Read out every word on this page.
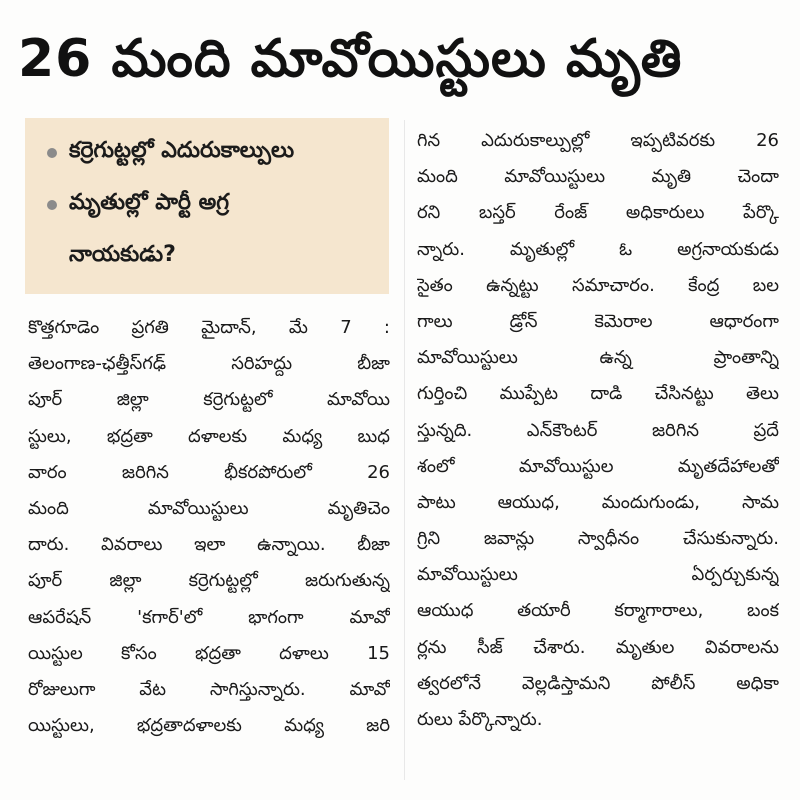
26 మంది మావోయిస్టులు మృతి
కర్రెగుట్టల్లో ఎదురుకాల్పులు
మృతుల్లో పార్టీ అగ్ర
నాయకుడు?
కొత్తగూడెం ప్రగతి మైదాన్, మే 7 :
తెలంగాణ-ఛత్తీస్‌గఢ్ సరిహద్దు బీజా
పూర్ జిల్లా కర్రెగుట్టలో మావోయి
స్టులు, భద్రతా దళాలకు మధ్య బుధ
వారం జరిగిన భీకరపోరులో 26
మంది మావోయిస్టులు మృతిచెం
దారు. వివరాలు ఇలా ఉన్నాయి. బీజా
పూర్ జిల్లా కర్రెగుట్టల్లో జరుగుతున్న
ఆపరేషన్ 'కగార్'లో భాగంగా మావో
యిస్టుల కోసం భద్రతా దళాలు 15
రోజులుగా వేట సాగిస్తున్నారు. మావో
యిస్టులు, భద్రతాదళాలకు మధ్య జరి
గిన ఎదురుకాల్పుల్లో ఇప్పటివరకు 26
మంది మావోయిస్టులు మృతి చెందా
రని బస్తర్ రేంజ్ అధికారులు పేర్కొ
న్నారు. మృతుల్లో ఓ అగ్రనాయకుడు
సైతం ఉన్నట్టు సమాచారం. కేంద్ర బల
గాలు డ్రోన్ కెమెరాల ఆధారంగా
మావోయిస్టులు ఉన్న ప్రాంతాన్ని
గుర్తించి ముప్పేట దాడి చేసినట్టు తెలు
స్తున్నది. ఎన్‌కౌంటర్ జరిగిన ప్రదే
శంలో మావోయిస్టుల మృతదేహాలతో
పాటు ఆయుధ, మందుగుండు, సామ
గ్రిని జవాన్లు స్వాధీనం చేసుకున్నారు.
మావోయిస్టులు ఏర్పర్చుకున్న
ఆయుధ తయారీ కర్మాగారాలు, బంక
ర్లను సీజ్ చేశారు. మృతుల వివరాలను
త్వరలోనే వెల్లడిస్తామని పోలీస్ అధికా
రులు పేర్కొన్నారు.
